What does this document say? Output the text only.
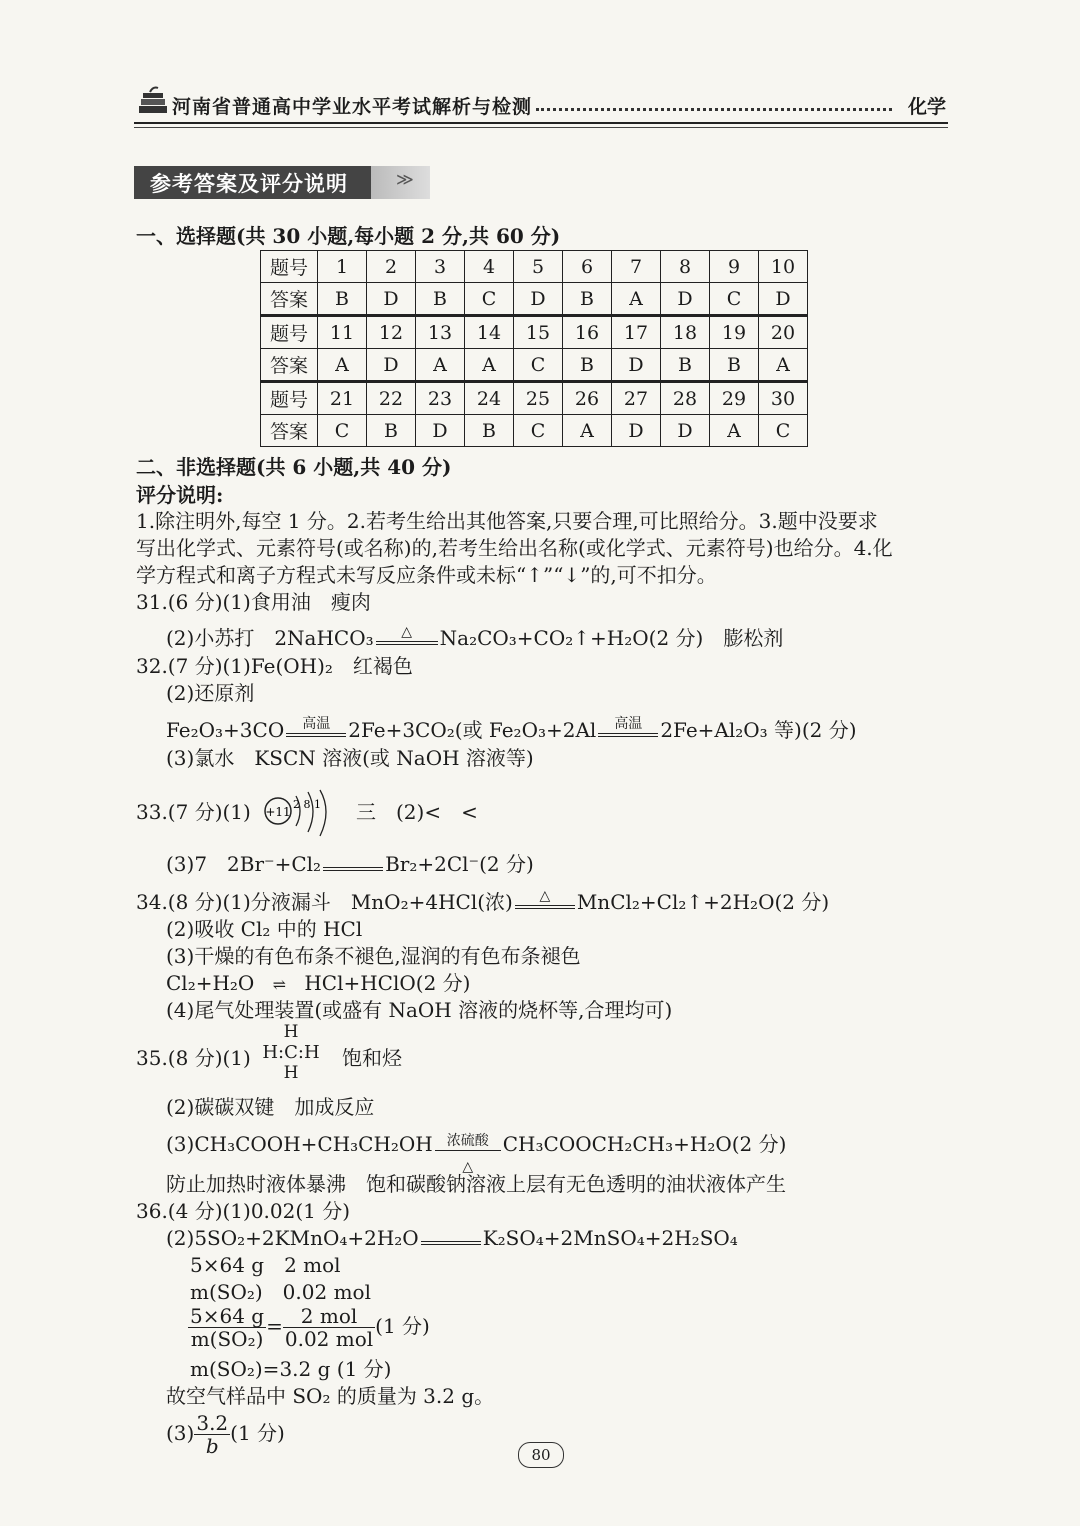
河南省普通高中学业水平考试解析与检测	化学
参考答案及评分说明	≫
一、选择题(共 30 小题,每小题 2 分,共 60 分)
题号	1	2	3	4	5	6	7	8	9	10
答案	B	D	B	C	D	B	A	D	C	D
题号	11	12	13	14	15	16	17	18	19	20
答案	A	D	A	A	C	B	D	B	B	A
题号	21	22	23	24	25	26	27	28	29	30
答案	C	B	D	B	C	A	D	D	A	C
二、非选择题(共 6 小题,共 40 分)
评分说明:
1.除注明外,每空 1 分。2.若考生给出其他答案,只要合理,可比照给分。3.题中没要求
写出化学式、元素符号(或名称)的,若考生给出名称(或化学式、元素符号)也给分。4.化
学方程式和离子方程式未写反应条件或未标“↑”“↓”的,可不扣分。
31.(6 分)(1)食用油　瘦肉
(2)小苏打　2NaHCO₃	△	Na₂CO₃+CO₂↑+H₂O(2 分)　膨松剂
32.(7 分)(1)Fe(OH)₂　红褐色
(2)还原剂
Fe₂O₃+3CO	高温 2Fe+3CO₂(或 Fe₂O₃+2Al	高温 2Fe+Al₂O₃ 等)(2 分)
(3)氯水　KSCN 溶液(或 NaOH 溶液等)
33.(7 分)(1) +11
2 8 1 三　(2)<　<
(3)7　2Br⁻+Cl₂	Br₂+2Cl⁻(2 分)
34.(8 分)(1)分液漏斗　MnO₂+4HCl(浓)	△	MnCl₂+Cl₂↑+2H₂O(2 分)
(2)吸收 Cl₂ 中的 HCl
(3)干燥的有色布条不褪色,湿润的有色布条褪色
Cl₂+H₂O ⇌ HCl+HClO(2 分)
(4)尾气处理装置(或盛有 NaOH 溶液的烧杯等,合理均可)
35.(8 分)(1)
H
H:C:H
H
饱和烃
(2)碳碳双键　加成反应
(3)CH₃COOH+CH₃CH₂OH	浓硫酸
△
CH₃COOCH₂CH₃+H₂O(2 分)
防止加热时液体暴沸　饱和碳酸钠溶液上层有无色透明的油状液体产生
36.(4 分)(1)0.02(1 分)
(2)5SO₂+2KMnO₄+2H₂O	K₂SO₄+2MnSO₄+2H₂SO₄
5×64 g　2 mol
m(SO₂)　0.02 mol
$\frac{5\times 64 g}{\text{m(SO₂)}} = \frac{\text{2 mol}}{\text{0.02 mol}} (1$ 分)
m(SO₂)=3.2 g (1 分)
故空气样品中 SO₂ 的质量为 3.2 g。
$(3) \frac{3.2}{b} (1$ 分)
80
